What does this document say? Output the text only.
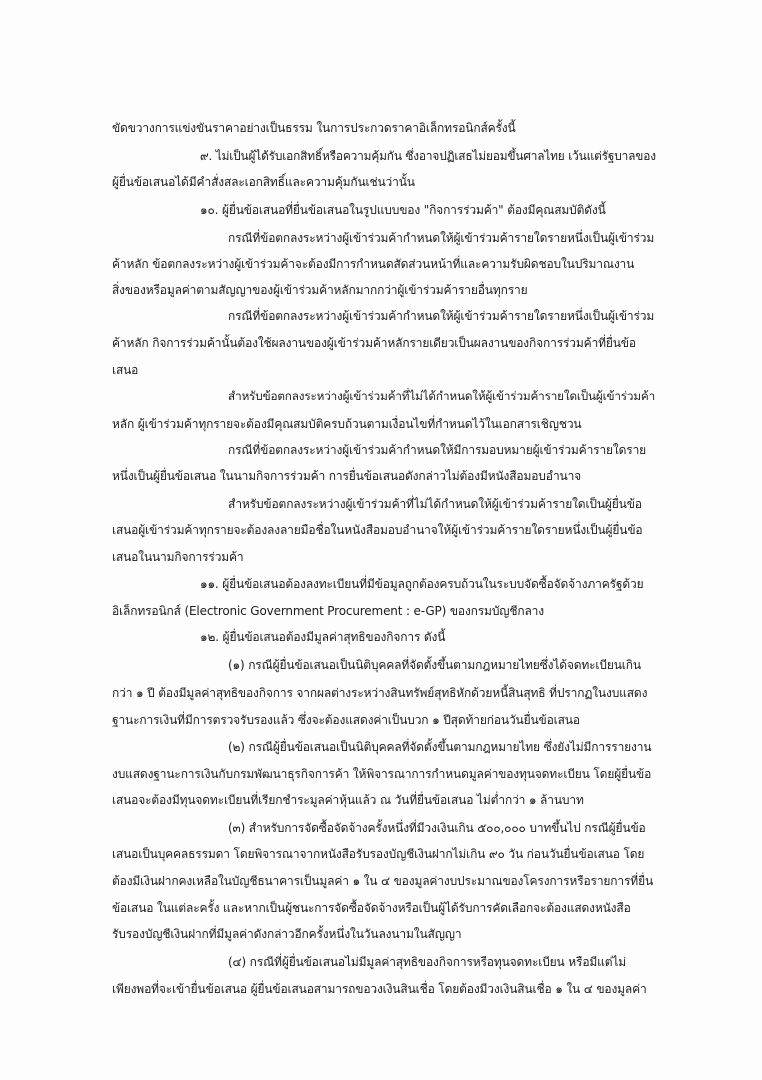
ขัดขวางการแข่งขันราคาอย่างเป็นธรรม ในการประกวดราคาอิเล็กทรอนิกส์ครั้งนี้
๙. ไม่เป็นผู้ได้รับเอกสิทธิ์หรือความคุ้มกัน ซึ่งอาจปฏิเสธไม่ยอมขึ้นศาลไทย เว้นแต่รัฐบาลของ
ผู้ยื่นข้อเสนอได้มีคำสั่งสละเอกสิทธิ์และความคุ้มกันเช่นว่านั้น
๑๐. ผู้ยื่นข้อเสนอที่ยื่นข้อเสนอในรูปแบบของ "กิจการร่วมค้า" ต้องมีคุณสมบัติดังนี้
กรณีที่ข้อตกลงระหว่างผู้เข้าร่วมค้ากำหนดให้ผู้เข้าร่วมค้ารายใดรายหนึ่งเป็นผู้เข้าร่วม
ค้าหลัก ข้อตกลงระหว่างผู้เข้าร่วมค้าจะต้องมีการกำหนดสัดส่วนหน้าที่และความรับผิดชอบในปริมาณงาน
สิ่งของหรือมูลค่าตามสัญญาของผู้เข้าร่วมค้าหลักมากกว่าผู้เข้าร่วมค้ารายอื่นทุกราย
กรณีที่ข้อตกลงระหว่างผู้เข้าร่วมค้ากำหนดให้ผู้เข้าร่วมค้ารายใดรายหนึ่งเป็นผู้เข้าร่วม
ค้าหลัก กิจการร่วมค้านั้นต้องใช้ผลงานของผู้เข้าร่วมค้าหลักรายเดียวเป็นผลงานของกิจการร่วมค้าที่ยื่นข้อ
เสนอ
สำหรับข้อตกลงระหว่างผู้เข้าร่วมค้าที่ไม่ได้กำหนดให้ผู้เข้าร่วมค้ารายใดเป็นผู้เข้าร่วมค้า
หลัก ผู้เข้าร่วมค้าทุกรายจะต้องมีคุณสมบัติครบถ้วนตามเงื่อนไขที่กำหนดไว้ในเอกสารเชิญชวน
กรณีที่ข้อตกลงระหว่างผู้เข้าร่วมค้ากำหนดให้มีการมอบหมายผู้เข้าร่วมค้ารายใดราย
หนึ่งเป็นผู้ยื่นข้อเสนอ ในนามกิจการร่วมค้า การยื่นข้อเสนอดังกล่าวไม่ต้องมีหนังสือมอบอำนาจ
สำหรับข้อตกลงระหว่างผู้เข้าร่วมค้าที่ไม่ได้กำหนดให้ผู้เข้าร่วมค้ารายใดเป็นผู้ยื่นข้อ
เสนอผู้เข้าร่วมค้าทุกรายจะต้องลงลายมือชื่อในหนังสือมอบอำนาจให้ผู้เข้าร่วมค้ารายใดรายหนึ่งเป็นผู้ยื่นข้อ
เสนอในนามกิจการร่วมค้า
๑๑. ผู้ยื่นข้อเสนอต้องลงทะเบียนที่มีข้อมูลถูกต้องครบถ้วนในระบบจัดซื้อจัดจ้างภาครัฐด้วย
อิเล็กทรอนิกส์ (Electronic Government Procurement : e-GP) ของกรมบัญชีกลาง
๑๒. ผู้ยื่นข้อเสนอต้องมีมูลค่าสุทธิของกิจการ ดังนี้
(๑) กรณีผู้ยื่นข้อเสนอเป็นนิติบุคคลที่จัดตั้งขึ้นตามกฎหมายไทยซึ่งได้จดทะเบียนเกิน
กว่า ๑ ปี ต้องมีมูลค่าสุทธิของกิจการ จากผลต่างระหว่างสินทรัพย์สุทธิหักด้วยหนี้สินสุทธิ ที่ปรากฏในงบแสดง
ฐานะการเงินที่มีการตรวจรับรองแล้ว ซึ่งจะต้องแสดงค่าเป็นบวก ๑ ปีสุดท้ายก่อนวันยื่นข้อเสนอ
(๒) กรณีผู้ยื่นข้อเสนอเป็นนิติบุคคลที่จัดตั้งขึ้นตามกฎหมายไทย ซึ่งยังไม่มีการรายงาน
งบแสดงฐานะการเงินกับกรมพัฒนาธุรกิจการค้า ให้พิจารณาการกำหนดมูลค่าของทุนจดทะเบียน โดยผู้ยื่นข้อ
เสนอจะต้องมีทุนจดทะเบียนที่เรียกชำระมูลค่าหุ้นแล้ว ณ วันที่ยื่นข้อเสนอ ไม่ต่ำกว่า ๑ ล้านบาท
(๓) สำหรับการจัดซื้อจัดจ้างครั้งหนึ่งที่มีวงเงินเกิน ๕๐๐,๐๐๐ บาทขึ้นไป กรณีผู้ยื่นข้อ
เสนอเป็นบุคคลธรรมดา โดยพิจารณาจากหนังสือรับรองบัญชีเงินฝากไม่เกิน ๙๐ วัน ก่อนวันยื่นข้อเสนอ โดย
ต้องมีเงินฝากคงเหลือในบัญชีธนาคารเป็นมูลค่า ๑ ใน ๔ ของมูลค่างบประมาณของโครงการหรือรายการที่ยื่น
ข้อเสนอ ในแต่ละครั้ง และหากเป็นผู้ชนะการจัดซื้อจัดจ้างหรือเป็นผู้ได้รับการคัดเลือกจะต้องแสดงหนังสือ
รับรองบัญชีเงินฝากที่มีมูลค่าดังกล่าวอีกครั้งหนึ่งในวันลงนามในสัญญา
(๔) กรณีที่ผู้ยื่นข้อเสนอไม่มีมูลค่าสุทธิของกิจการหรือทุนจดทะเบียน หรือมีแต่ไม่
เพียงพอที่จะเข้ายื่นข้อเสนอ ผู้ยื่นข้อเสนอสามารถขอวงเงินสินเชื่อ โดยต้องมีวงเงินสินเชื่อ ๑ ใน ๔ ของมูลค่า
